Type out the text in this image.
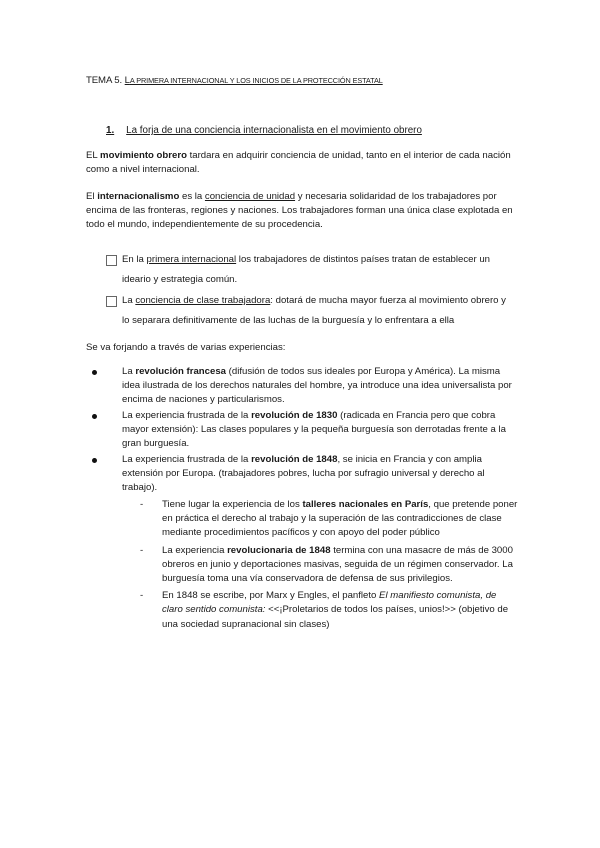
TEMA 5. LA PRIMERA INTERNACIONAL Y LOS INICIOS DE LA PROTECCIÓN ESTATAL
1. La forja de una conciencia internacionalista en el movimiento obrero

EL movimiento obrero tardara en adquirir conciencia de unidad, tanto en el interior de cada nación como a nivel internacional.

El internacionalismo es la conciencia de unidad y necesaria solidaridad de los trabajadores por encima de las fronteras, regiones y naciones. Los trabajadores forman una única clase explotada en todo el mundo, independientemente de su procedencia.

En la primera internacional los trabajadores de distintos países tratan de establecer un ideario y estrategia común.
La conciencia de clase trabajadora: dotará de mucha mayor fuerza al movimiento obrero y lo separara definitivamente de las luchas de la burguesía y lo enfrentara a ella

Se va forjando a través de varias experiencias:

La revolución francesa (difusión de todos sus ideales por Europa y América). La misma idea ilustrada de los derechos naturales del hombre, ya introduce una idea universalista por encima de naciones y particularismos.
La experiencia frustrada de la revolución de 1830 (radicada en Francia pero que cobra mayor extensión): Las clases populares y la pequeña burguesía son derrotadas frente a la gran burguesía.
La experiencia frustrada de la revolución de 1848, se inicia en Francia y con amplia extensión por Europa. (trabajadores pobres, lucha por sufragio universal y derecho al trabajo).
- Tiene lugar la experiencia de los talleres nacionales en París, que pretende poner en práctica el derecho al trabajo y la superación de las contradicciones de clase mediante procedimientos pacíficos y con apoyo del poder público
- La experiencia revolucionaria de 1848 termina con una masacre de más de 3000 obreros en junio y deportaciones masivas, seguida de un régimen conservador. La burguesía toma una vía conservadora de defensa de sus privilegios.
- En 1848 se escribe, por Marx y Engles, el panfleto El manifiesto comunista, de claro sentido comunista: <<¡Proletarios de todos los países, unios!>> (objetivo de una sociedad supranacional sin clases)
